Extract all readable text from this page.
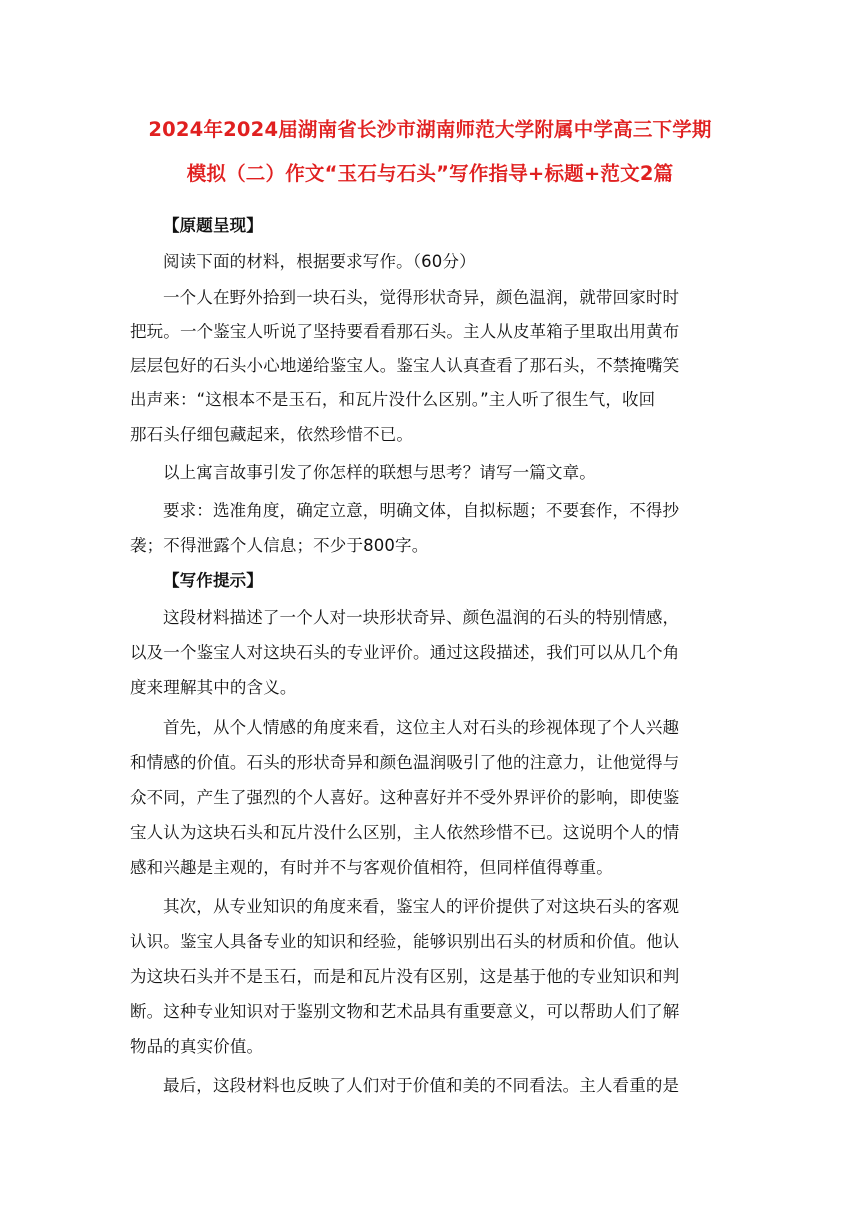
2024年2024届湖南省长沙市湖南师范大学附属中学高三下学期
模拟（二）作文“玉石与石头”写作指导+标题+范文2篇
【原题呈现】
阅读下面的材料，根据要求写作。（60分）
一个人在野外拾到一块石头，觉得形状奇异，颜色温润，就带回家时时
把玩。一个鉴宝人听说了坚持要看看那石头。主人从皮革箱子里取出用黄布
层层包好的石头小心地递给鉴宝人。鉴宝人认真查看了那石头，不禁掩嘴笑
出声来：“这根本不是玉石，和瓦片没什么区别。”主人听了很生气，收回
那石头仔细包藏起来，依然珍惜不已。
以上寓言故事引发了你怎样的联想与思考？请写一篇文章。
要求：选准角度，确定立意，明确文体，自拟标题；不要套作，不得抄
袭；不得泄露个人信息；不少于800字。
【写作提示】
这段材料描述了一个人对一块形状奇异、颜色温润的石头的特别情感，
以及一个鉴宝人对这块石头的专业评价。通过这段描述，我们可以从几个角
度来理解其中的含义。
首先，从个人情感的角度来看，这位主人对石头的珍视体现了个人兴趣
和情感的价值。石头的形状奇异和颜色温润吸引了他的注意力，让他觉得与
众不同，产生了强烈的个人喜好。这种喜好并不受外界评价的影响，即使鉴
宝人认为这块石头和瓦片没什么区别，主人依然珍惜不已。这说明个人的情
感和兴趣是主观的，有时并不与客观价值相符，但同样值得尊重。
其次，从专业知识的角度来看，鉴宝人的评价提供了对这块石头的客观
认识。鉴宝人具备专业的知识和经验，能够识别出石头的材质和价值。他认
为这块石头并不是玉石，而是和瓦片没有区别，这是基于他的专业知识和判
断。这种专业知识对于鉴别文物和艺术品具有重要意义，可以帮助人们了解
物品的真实价值。
最后，这段材料也反映了人们对于价值和美的不同看法。主人看重的是
